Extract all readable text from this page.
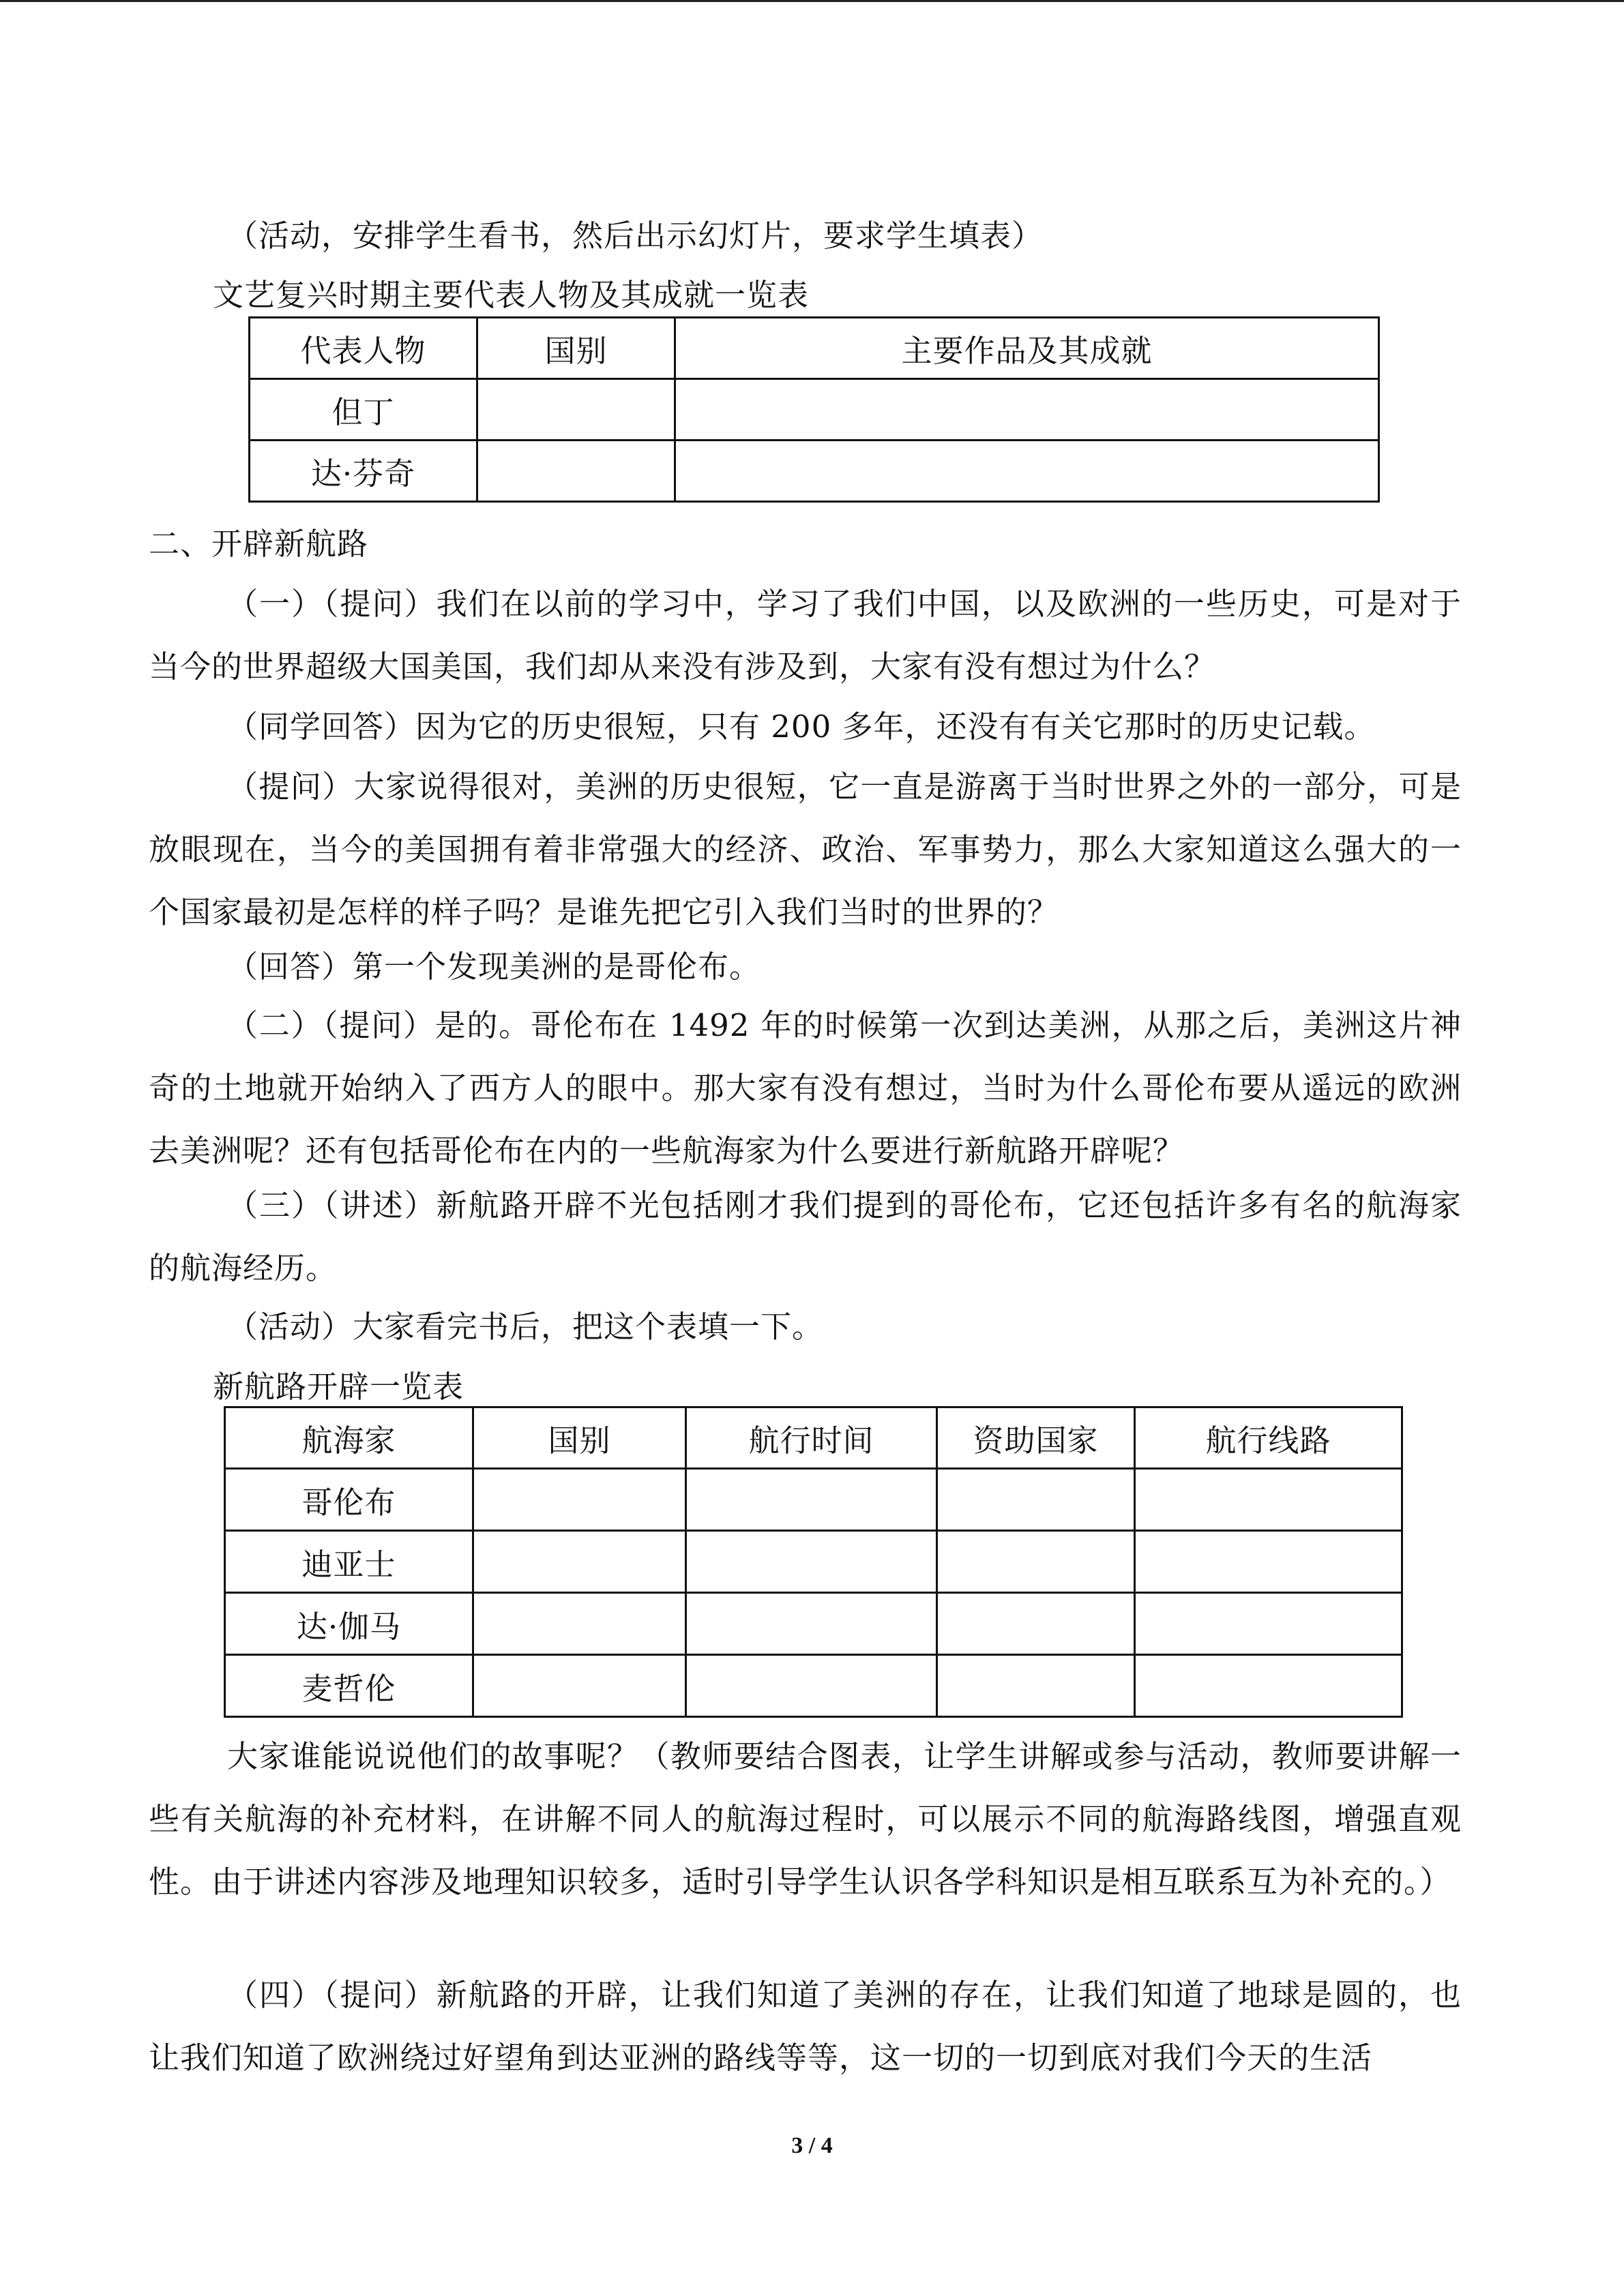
（活动，安排学生看书，然后出示幻灯片，要求学生填表）

文艺复兴时期主要代表人物及其成就一览表

代表人物	国别	主要作品及其成就
但丁		
达·芬奇		

二、开辟新航路

（一）（提问）我们在以前的学习中，学习了我们中国，以及欧洲的一些历史，可是对于当今的世界超级大国美国，我们却从来没有涉及到，大家有没有想过为什么？

（同学回答）因为它的历史很短，只有 200 多年，还没有有关它那时的历史记载。

（提问）大家说得很对，美洲的历史很短，它一直是游离于当时世界之外的一部分，可是放眼现在，当今的美国拥有着非常强大的经济、政治、军事势力，那么大家知道这么强大的一个国家最初是怎样的样子吗？是谁先把它引入我们当时的世界的？

（回答）第一个发现美洲的是哥伦布。

（二）（提问）是的。哥伦布在 1492 年的时候第一次到达美洲，从那之后，美洲这片神奇的土地就开始纳入了西方人的眼中。那大家有没有想过，当时为什么哥伦布要从遥远的欧洲去美洲呢？还有包括哥伦布在内的一些航海家为什么要进行新航路开辟呢？

（三）（讲述）新航路开辟不光包括刚才我们提到的哥伦布，它还包括许多有名的航海家的航海经历。

（活动）大家看完书后，把这个表填一下。

新航路开辟一览表

航海家	国别	航行时间	资助国家	航行线路
哥伦布				
迪亚士				
达·伽马				
麦哲伦				

大家谁能说说他们的故事呢？（教师要结合图表，让学生讲解或参与活动，教师要讲解一些有关航海的补充材料，在讲解不同人的航海过程时，可以展示不同的航海路线图，增强直观性。由于讲述内容涉及地理知识较多，适时引导学生认识各学科知识是相互联系互为补充的。）

（四）（提问）新航路的开辟，让我们知道了美洲的存在，让我们知道了地球是圆的，也让我们知道了欧洲绕过好望角到达亚洲的路线等等，这一切的一切到底对我们今天的生活

3 / 4
